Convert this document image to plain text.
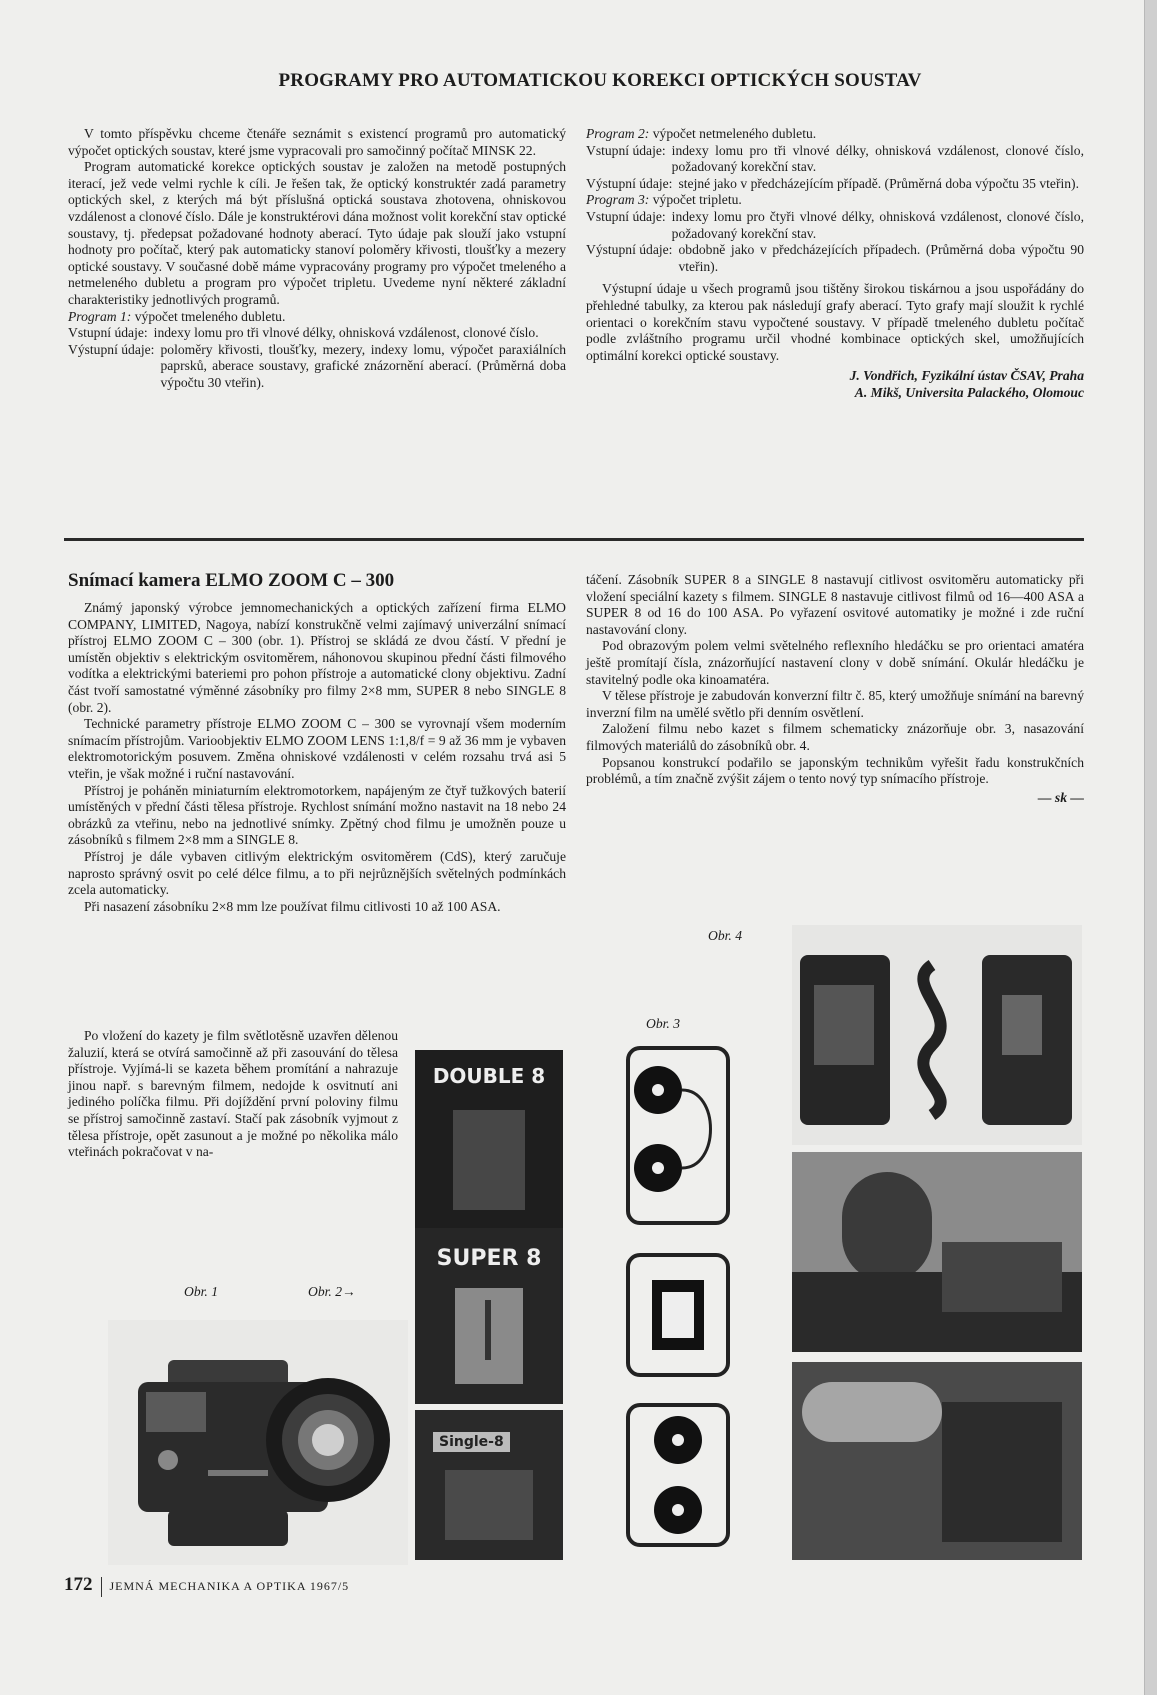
PROGRAMY PRO AUTOMATICKOU KOREKCI OPTICKÝCH SOUSTAV

V tomto příspěvku chceme čtenáře seznámit s existencí programů pro automatický výpočet optických soustav, které jsme vypracovali pro samočinný počítač MINSK 22.

Program automatické korekce optických soustav je založen na metodě postupných iterací, jež vede velmi rychle k cíli. Je řešen tak, že optický konstruktér zadá parametry optických skel, z kterých má být příslušná optická soustava zhotovena, ohniskovou vzdálenost a clonové číslo. Dále je konstruktérovi dána možnost volit korekční stav optické soustavy, tj. předepsat požadované hodnoty aberací. Tyto údaje pak slouží jako vstupní hodnoty pro počítač, který pak automaticky stanoví poloměry křivosti, tloušťky a mezery optické soustavy. V současné době máme vypracovány programy pro výpočet tmeleného a netmeleného dubletu a program pro výpočet tripletu. Uvedeme nyní některé základní charakteristiky jednotlivých programů.

Program 1: výpočet tmeleného dubletu.

Vstupní údaje: indexy lomu pro tři vlnové délky, ohnisková vzdálenost, clonové číslo.
Výstupní údaje: poloměry křivosti, tloušťky, mezery, indexy lomu, výpočet paraxiálních paprsků, aberace soustavy, grafické znázornění aberací. (Průměrná doba výpočtu 30 vteřin).

Program 2: výpočet netmeleného dubletu.

Vstupní údaje: indexy lomu pro tři vlnové délky, ohnisková vzdálenost, clonové číslo, požadovaný korekční stav.
Výstupní údaje: stejné jako v předcházejícím případě. (Průměrná doba výpočtu 35 vteřin).

Program 3: výpočet tripletu.

Vstupní údaje: indexy lomu pro čtyři vlnové délky, ohnisková vzdálenost, clonové číslo, požadovaný korekční stav.
Výstupní údaje: obdobně jako v předcházejících případech. (Průměrná doba výpočtu 90 vteřin).

Výstupní údaje u všech programů jsou tištěny širokou tiskárnou a jsou uspořádány do přehledné tabulky, za kterou pak následují grafy aberací. Tyto grafy mají sloužit k rychlé orientaci o korekčním stavu vypočtené soustavy. V případě tmeleného dubletu počítač podle zvláštního programu určil vhodné kombinace optických skel, umožňujících optimální korekci optické soustavy.

J. Vondřich, Fyzikální ústav ČSAV, Praha
A. Mikš, Universita Palackého, Olomouc
Snímací kamera ELMO ZOOM C – 300

Známý japonský výrobce jemnomechanických a optických zařízení firma ELMO COMPANY, LIMITED, Nagoya, nabízí konstrukčně velmi zajímavý univerzální snímací přístroj ELMO ZOOM C – 300 (obr. 1). Přístroj se skládá ze dvou částí. V přední je umístěn objektiv s elektrickým osvitoměrem, náhonovou skupinou přední části filmového vodítka a elektrickými bateriemi pro pohon přístroje a automatické clony objektivu. Zadní část tvoří samostatné výměnné zásobníky pro filmy 2×8 mm, SUPER 8 nebo SINGLE 8 (obr. 2).

Technické parametry přístroje ELMO ZOOM C – 300 se vyrovnají všem moderním snímacím přístrojům. Varioobjektiv ELMO ZOOM LENS 1:1,8/f = 9 až 36 mm je vybaven elektromotorickým posuvem. Změna ohniskové vzdálenosti v celém rozsahu trvá asi 5 vteřin, je však možné i ruční nastavování.

Přístroj je poháněn miniaturním elektromotorkem, napájeným ze čtyř tužkových baterií umístěných v přední části tělesa přístroje. Rychlost snímání možno nastavit na 18 nebo 24 obrázků za vteřinu, nebo na jednotlivé snímky. Zpětný chod filmu je umožněn pouze u zásobníků s filmem 2×8 mm a SINGLE 8.

Přístroj je dále vybaven citlivým elektrickým osvitoměrem (CdS), který zaručuje naprosto správný osvit po celé délce filmu, a to při nejrůznějších světelných podmínkách zcela automaticky.

Při nasazení zásobníku 2×8 mm lze používat filmu citlivosti 10 až 100 ASA.

Po vložení do kazety je film světlotěsně uzavřen dělenou žaluzií, která se otvírá samočinně až při zasouvání do tělesa přístroje. Vyjímá-li se kazeta během promítání a nahrazuje jinou např. s barevným filmem, nedojde k osvitnutí ani jediného políčka filmu. Při dojíždění první poloviny filmu se přístroj samočinně zastaví. Stačí pak zásobník vyjmout z tělesa přístroje, opět zasunout a je možné po několika málo vteřinách pokračovat v na-

táčení. Zásobník SUPER 8 a SINGLE 8 nastavují citlivost osvitoměru automaticky při vložení speciální kazety s filmem. SINGLE 8 nastavuje citlivost filmů od 16—400 ASA a SUPER 8 od 16 do 100 ASA. Po vyřazení osvitové automatiky je možné i zde ruční nastavování clony.

Pod obrazovým polem velmi světelného reflexního hledáčku se pro orientaci amatéra ještě promítají čísla, znázorňující nastavení clony v době snímání. Okulár hledáčku je stavitelný podle oka kinoamatéra.

V tělese přístroje je zabudován konverzní filtr č. 85, který umožňuje snímání na barevný inverzní film na umělé světlo při denním osvětlení.

Založení filmu nebo kazet s filmem schematicky znázorňuje obr. 3, nasazování filmových materiálů do zásobníků obr. 4.

Popsanou konstrukcí podařilo se japonským technikům vyřešit řadu konstrukčních problémů, a tím značně zvýšit zájem o tento nový typ snímacího přístroje.

— sk —
Obr. 1	Obr. 2→
Obr. 3
Obr. 4
DOUBLE 8
SUPER 8
Single-8
172 JEMNÁ MECHANIKA A OPTIKA 1967/5
